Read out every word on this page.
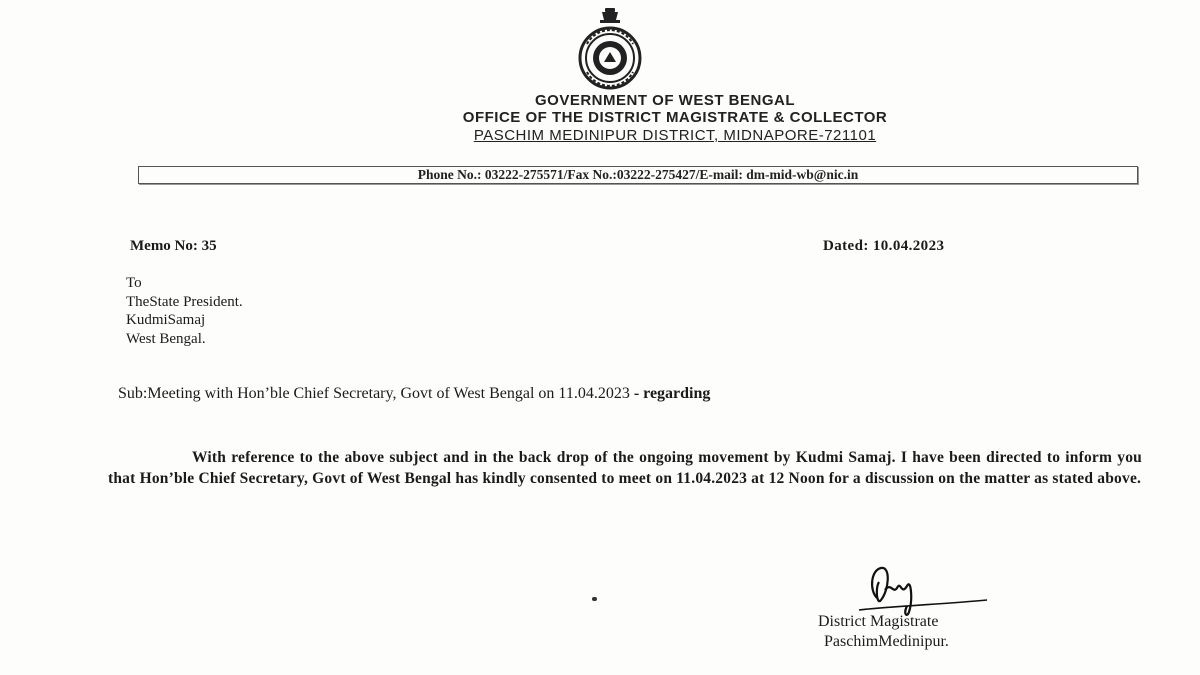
GOVERNMENT OF WEST BENGAL
OFFICE OF THE DISTRICT MAGISTRATE & COLLECTOR
PASCHIM MEDINIPUR DISTRICT, MIDNAPORE-721101
Phone No.: 03222-275571/Fax No.:03222-275427/E-mail: dm-mid-wb@nic.in
Memo No: 35	Dated: 10.04.2023
To
TheState President.
KudmiSamaj
West Bengal.
Sub:Meeting with Hon’ble Chief Secretary, Govt of West Bengal on 11.04.2023 - regarding
With reference to the above subject and in the back drop of the ongoing movement by Kudmi Samaj. I have been directed to inform you that Hon’ble Chief Secretary, Govt of West Bengal has kindly consented to meet on 11.04.2023 at 12 Noon for a discussion on the matter as stated above.
District Magistrate
PaschimMedinipur.
